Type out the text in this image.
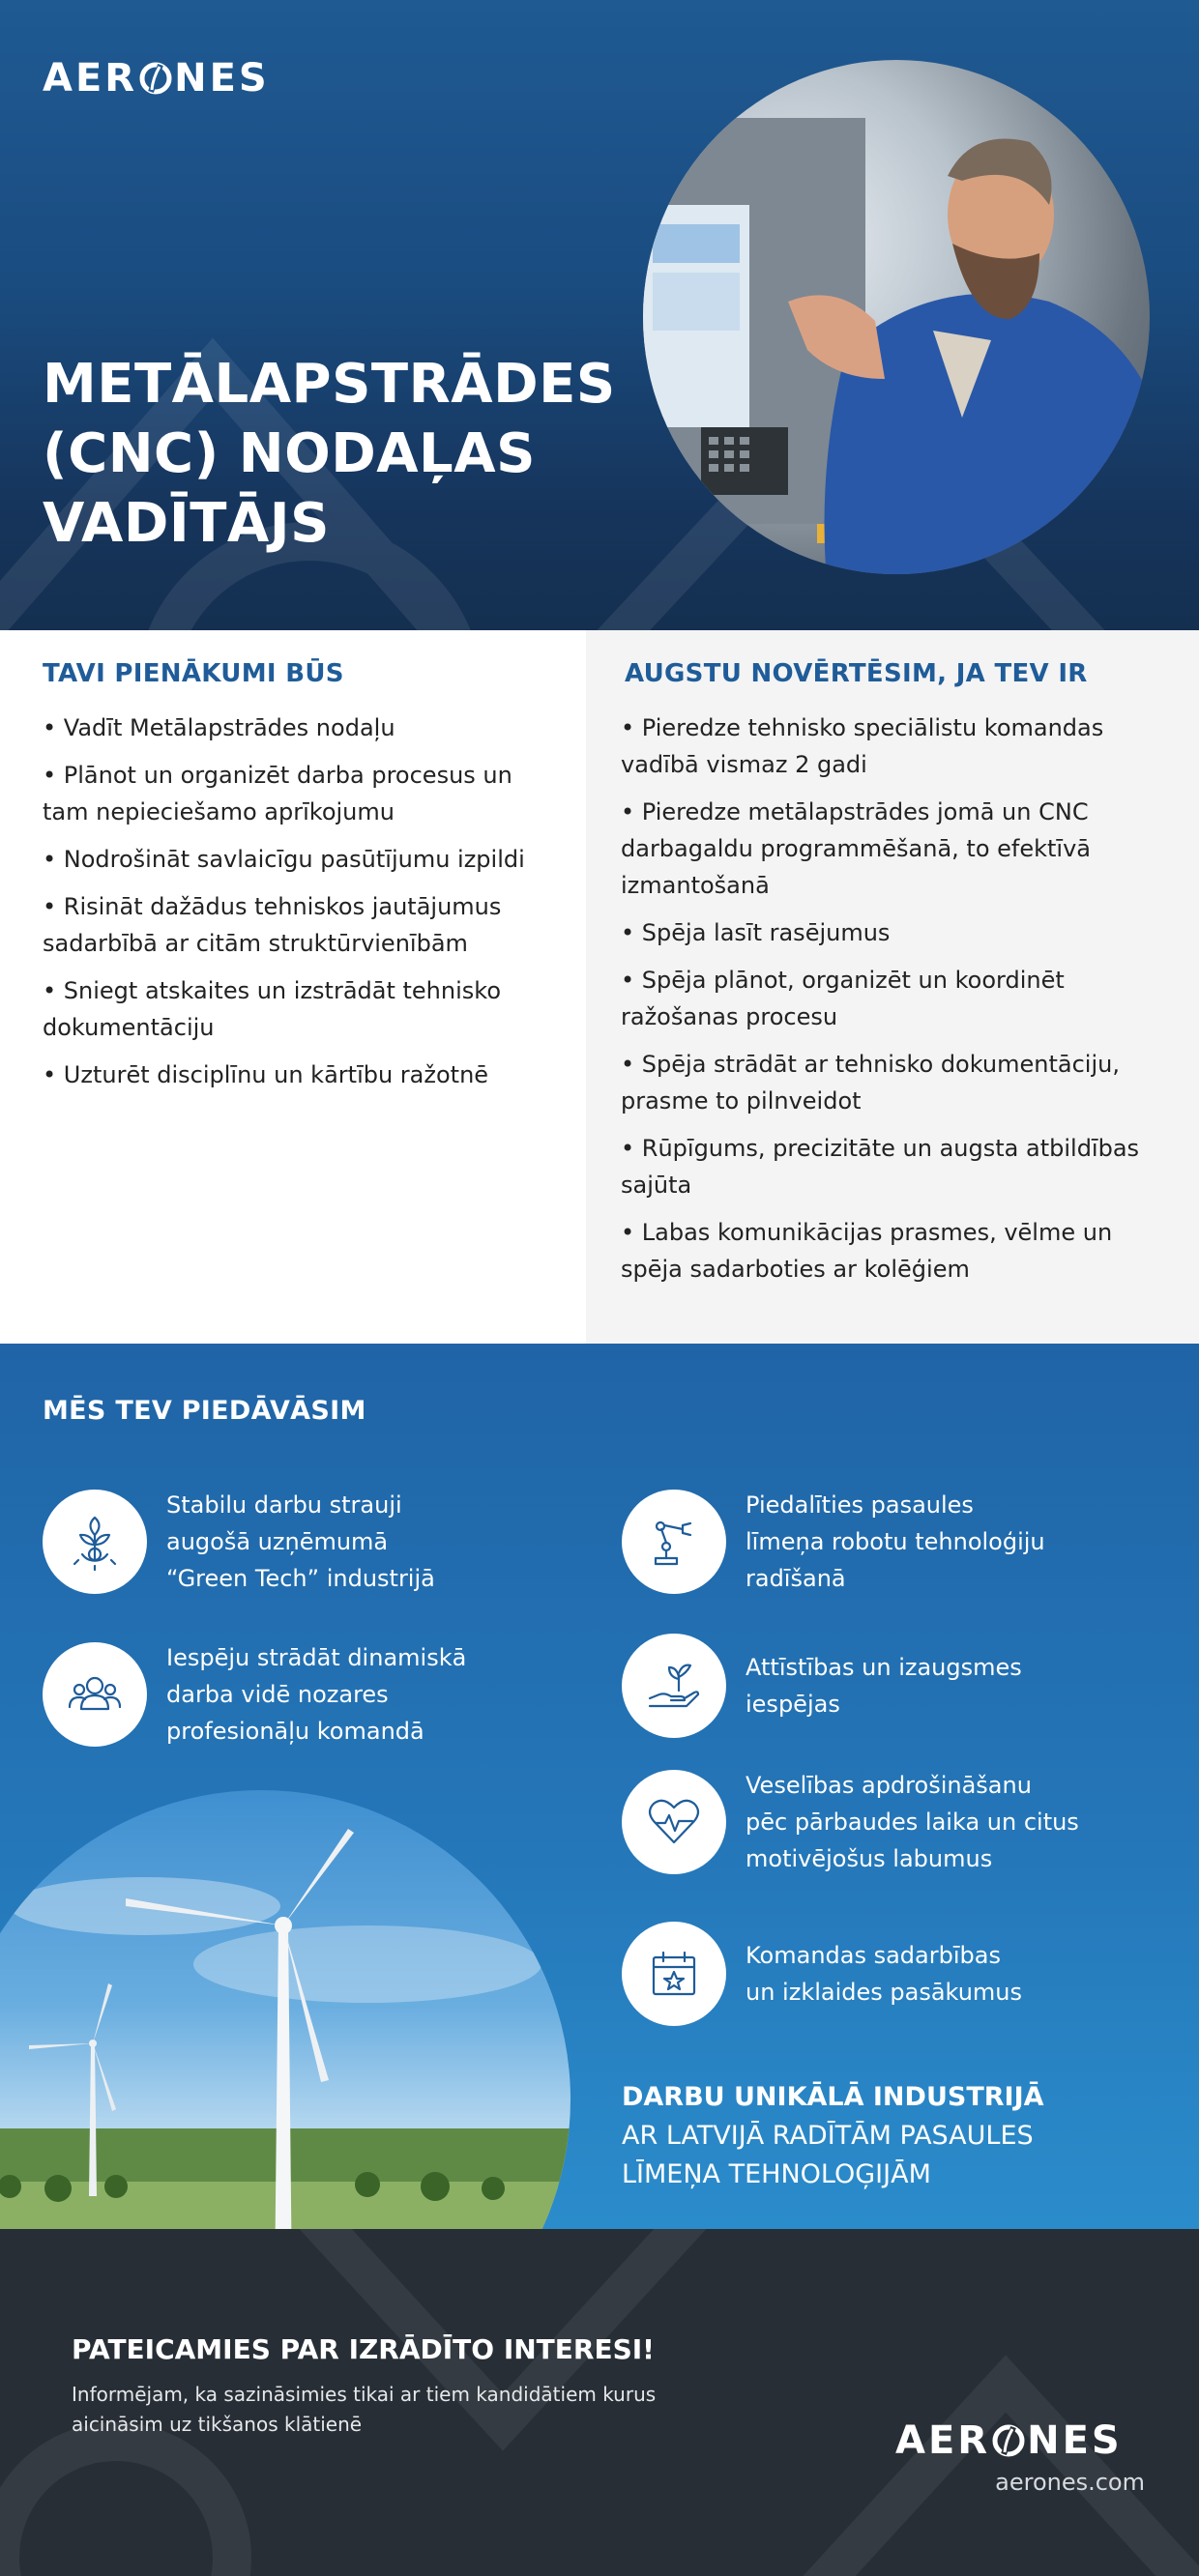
AER NES
METĀLAPSTRĀDES
(CNC) NODAĻAS
VADĪTĀJS
TAVI PIENĀKUMI BŪS
• Vadīt Metālapstrādes nodaļu
• Plānot un organizēt darba procesus un tam nepieciešamo aprīkojumu
• Nodrošināt savlaicīgu pasūtījumu izpildi
• Risināt dažādus tehniskos jautājumus sadarbībā ar citām struktūrvienībām
• Sniegt atskaites un izstrādāt tehnisko dokumentāciju
• Uzturēt disciplīnu un kārtību ražotnē
AUGSTU NOVĒRTĒSIM, JA TEV IR
• Pieredze tehnisko speciālistu komandas vadībā vismaz 2 gadi
• Pieredze metālapstrādes jomā un CNC darbagaldu programmēšanā, to efektīvā izmantošanā
• Spēja lasīt rasējumus
• Spēja plānot, organizēt un koordinēt ražošanas procesu
• Spēja strādāt ar tehnisko dokumentāciju, prasme to pilnveidot
• Rūpīgums, precizitāte un augsta atbildības sajūta
• Labas komunikācijas prasmes, vēlme un spēja sadarboties ar kolēģiem
MĒS TEV PIEDĀVĀSIM
Stabilu darbu strauji
augošā uzņēmumā
“Green Tech” industrijā
Iespēju strādāt dinamiskā
darba vidē nozares
profesionāļu komandā
Piedalīties pasaules
līmeņa robotu tehnoloģiju
radīšanā
Attīstības un izaugsmes
iespējas
Veselības apdrošināšanu
pēc pārbaudes laika un citus
motivējošus labumus
Komandas sadarbības
un izklaides pasākumus
DARBU UNIKĀLĀ INDUSTRIJĀ
AR LATVIJĀ RADĪTĀM PASAULES
LĪMEŅA TEHNOLOĢIJĀM
PATEICAMIES PAR IZRĀDĪTO INTERESI!
Informējam, ka sazināsimies tikai ar tiem kandidātiem kurus
aicināsim uz tikšanos klātienē	AER NES
aerones.com
